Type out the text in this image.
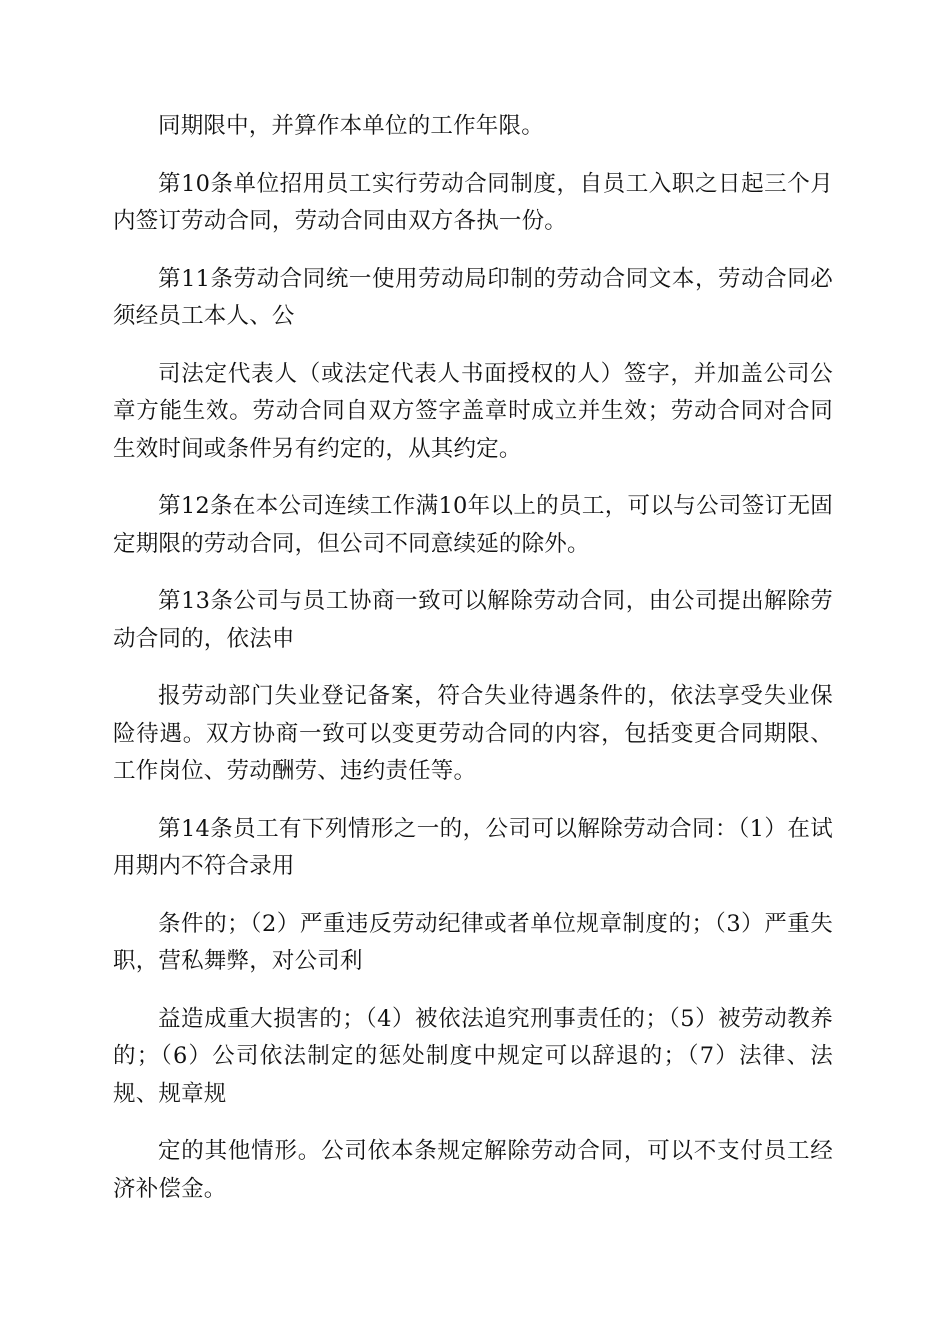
同期限中，并算作本单位的工作年限。

第10条单位招用员工实行劳动合同制度，自员工入职之日起三个月内签订劳动合同，劳动合同由双方各执一份。

第11条劳动合同统一使用劳动局印制的劳动合同文本，劳动合同必须经员工本人、公

司法定代表人（或法定代表人书面授权的人）签字，并加盖公司公章方能生效。劳动合同自双方签字盖章时成立并生效；劳动合同对合同生效时间或条件另有约定的，从其约定。

第12条在本公司连续工作满10年以上的员工，可以与公司签订无固定期限的劳动合同，但公司不同意续延的除外。

第13条公司与员工协商一致可以解除劳动合同，由公司提出解除劳动合同的，依法申

报劳动部门失业登记备案，符合失业待遇条件的，依法享受失业保险待遇。双方协商一致可以变更劳动合同的内容，包括变更合同期限、工作岗位、劳动酬劳、违约责任等。

第14条员工有下列情形之一的，公司可以解除劳动合同：（1）在试用期内不符合录用

条件的；（2）严重违反劳动纪律或者单位规章制度的；（3）严重失职，营私舞弊，对公司利

益造成重大损害的；（4）被依法追究刑事责任的；（5）被劳动教养的；（6）公司依法制定的惩处制度中规定可以辞退的；（7）法律、法规、规章规

定的其他情形。公司依本条规定解除劳动合同，可以不支付员工经济补偿金。
